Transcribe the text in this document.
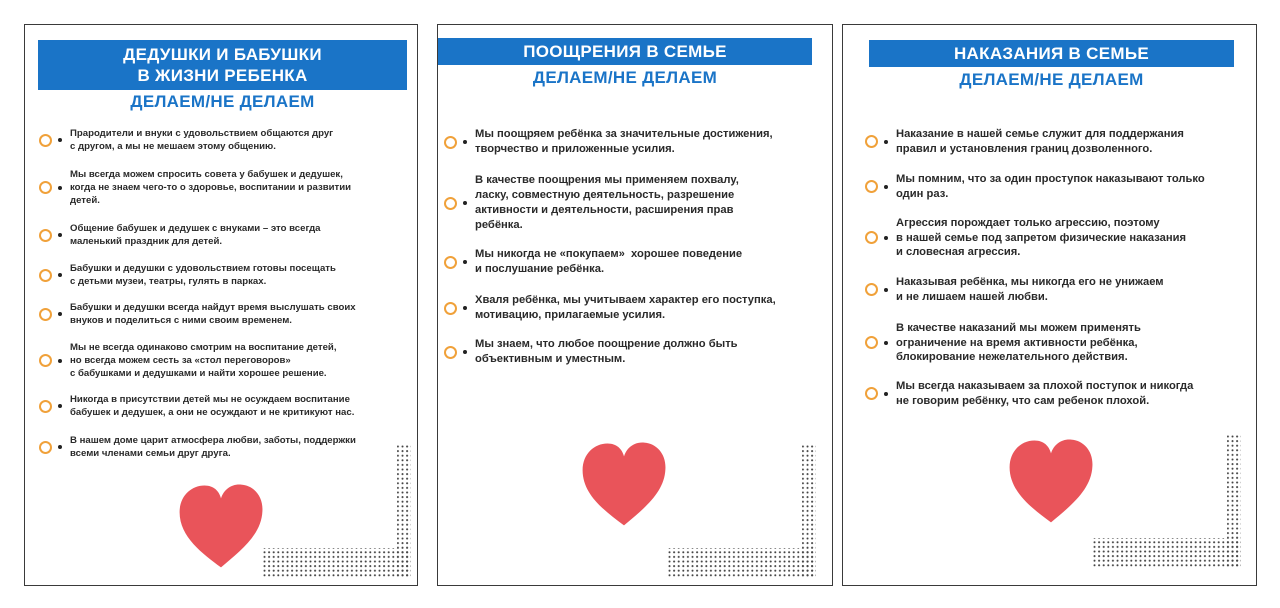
ДЕДУШКИ И БАБУШКИ
В ЖИЗНИ РЕБЕНКА
ДЕЛАЕМ/НЕ ДЕЛАЕМ
Прародители и внуки с удовольствием общаются друг
с другом, а мы не мешаем этому общению.
Мы всегда можем спросить совета у бабушек и дедушек,
когда не знаем чего-то о здоровье, воспитании и развитии
детей.
Общение бабушек и дедушек с внуками – это всегда
маленький праздник для детей.
Бабушки и дедушки с удовольствием готовы посещать
с детьми музеи, театры, гулять в парках.
Бабушки и дедушки всегда найдут время выслушать своих
внуков и поделиться с ними своим временем.
Мы не всегда одинаково смотрим на воспитание детей,
но всегда можем сесть за «стол переговоров»
с бабушками и дедушками и найти хорошее решение.
Никогда в присутствии детей мы не осуждаем воспитание
бабушек и дедушек, а они не осуждают и не критикуют нас.
В нашем доме царит атмосфера любви, заботы, поддержки
всеми членами семьи друг друга.
ПООЩРЕНИЯ В СЕМЬЕ
ДЕЛАЕМ/НЕ ДЕЛАЕМ
Мы поощряем ребёнка за значительные достижения,
творчество и приложенные усилия.
В качестве поощрения мы применяем похвалу,
ласку, совместную деятельность, разрешение
активности и деятельности, расширения прав
ребёнка.
Мы никогда не «покупаем»  хорошее поведение
и послушание ребёнка.
Хваля ребёнка, мы учитываем характер его поступка,
мотивацию, прилагаемые усилия.
Мы знаем, что любое поощрение должно быть
объективным и уместным.
НАКАЗАНИЯ В СЕМЬЕ
ДЕЛАЕМ/НЕ ДЕЛАЕМ
Наказание в нашей семье служит для поддержания
правил и установления границ дозволенного.
Мы помним, что за один проступок наказывают только
один раз.
Агрессия порождает только агрессию, поэтому
в нашей семье под запретом физические наказания
и словесная агрессия.
Наказывая ребёнка, мы никогда его не унижаем
и не лишаем нашей любви.
В качестве наказаний мы можем применять
ограничение на время активности ребёнка,
блокирование нежелательного действия.
Мы всегда наказываем за плохой поступок и никогда
не говорим ребёнку, что сам ребенок плохой.
